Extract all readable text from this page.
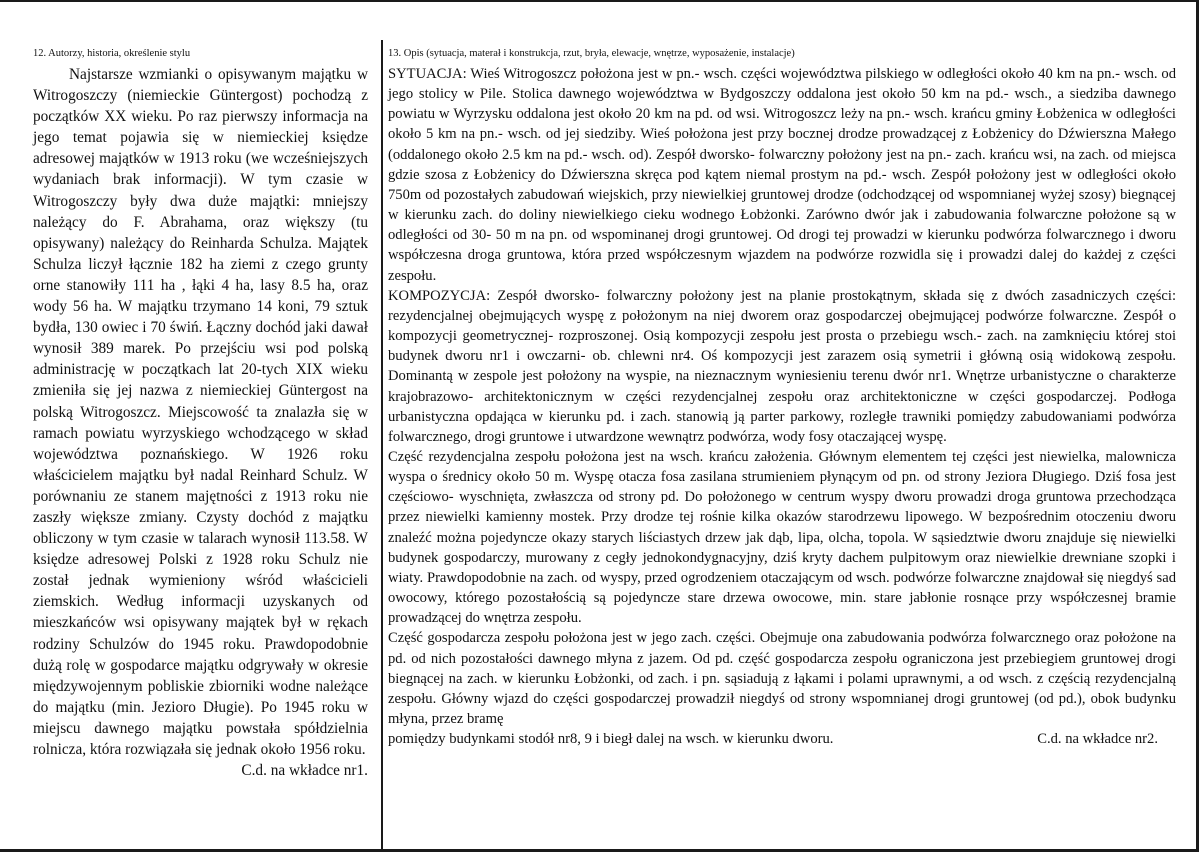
12. Autorzy, historia, określenie stylu

Najstarsze wzmianki o opisywanym majątku w Witrogoszczy (niemieckie Güntergost) pochodzą z początków XX wieku. Po raz pierwszy informacja na jego temat pojawia się w niemieckiej księdze adresowej majątków w 1913 roku (we wcześniejszych wydaniach brak informacji). W tym czasie w Witrogoszczy były dwa duże majątki: mniejszy należący do F. Abrahama, oraz większy (tu opisywany) należący do Reinharda Schulza. Majątek Schulza liczył łącznie 182 ha ziemi z czego grunty orne stanowiły 111 ha , łąki 4 ha, lasy 8.5 ha, oraz wody 56 ha. W majątku trzymano 14 koni, 79 sztuk bydła, 130 owiec i 70 świń. Łączny dochód jaki dawał wynosił 389 marek. Po przejściu wsi pod polską administrację w początkach lat 20-tych XIX wieku zmieniła się jej nazwa z niemieckiej Güntergost na polską Witrogoszcz. Miejscowość ta znalazła się w ramach powiatu wyrzyskiego wchodzącego w skład województwa poznańskiego. W 1926 roku właścicielem majątku był nadal Reinhard Schulz. W porównaniu ze stanem majętności z 1913 roku nie zaszły większe zmiany. Czysty dochód z majątku obliczony w tym czasie w talarach wynosił 113.58. W księdze adresowej Polski z 1928 roku Schulz nie został jednak wymieniony wśród właścicieli ziemskich. Według informacji uzyskanych od mieszkańców wsi opisywany majątek był w rękach rodziny Schulzów do 1945 roku. Prawdopodobnie dużą rolę w gospodarce majątku odgrywały w okresie międzywojennym pobliskie zbiorniki wodne należące do majątku (min. Jezioro Długie). Po 1945 roku w miejscu dawnego majątku powstała spółdzielnia rolnicza, która rozwiązała się jednak około 1956 roku.

C.d. na wkładce nr1.
13. Opis (sytuacja, materał i konstrukcja, rzut, bryła, elewacje, wnętrze, wyposażenie, instalacje)

SYTUACJA: Wieś Witrogoszcz położona jest w pn.- wsch. części województwa pilskiego w odległości około 40 km na pn.- wsch. od jego stolicy w Pile. Stolica dawnego województwa w Bydgoszczy oddalona jest około 50 km na pd.- wsch., a siedziba dawnego powiatu w Wyrzysku oddalona jest około 20 km na pd. od wsi. Witrogoszcz leży na pn.- wsch. krańcu gminy Łobżenica w odległości około 5 km na pn.- wsch. od jej siedziby. Wieś położona jest przy bocznej drodze prowadzącej z Łobżenicy do Dźwiersznа Małego (oddalonego około 2.5 km na pd.- wsch. od). Zespół dworsko- folwarczny położony jest na pn.- zach. krańcu wsi, na zach. od miejsca gdzie szosa z Łobżenicy do Dźwiersznа skręca pod kątem niemal prostym na pd.- wsch. Zespół położony jest w odległości około 750m od pozostałych zabudowań wiejskich, przy niewielkiej gruntowej drodze (odchodzącej od wspomnianej wyżej szosy) biegnącej w kierunku zach. do doliny niewielkiego cieku wodnego Łobżonki. Zarówno dwór jak i zabudowania folwarczne położone są w odległości od 30- 50 m na pn. od wspominanej drogi gruntowej. Od drogi tej prowadzi w kierunku podwórza folwarcznego i dworu współczesna droga gruntowa, która przed współczesnym wjazdem na podwórze rozwidla się i prowadzi dalej do każdej z części zespołu.

KOMPOZYCJA: Zespół dworsko- folwarczny położony jest na planie prostokątnym, składa się z dwóch zasadniczych części: rezydencjalnej obejmujących wyspę z położonym na niej dworem oraz gospodarczej obejmującej podwórze folwarczne. Zespół o kompozycji geometrycznej- rozproszonej. Osią kompozycji zespołu jest prosta o przebiegu wsch.- zach. na zamknięciu której stoi budynek dworu nr1 i owczarni- ob. chlewni nr4. Oś kompozycji jest zarazem osią symetrii i główną osią widokową zespołu. Dominantą w zespole jest położony na wyspie, na nieznacznym wyniesieniu terenu dwór nr1. Wnętrze urbanistyczne o charakterze krajobrazowo- architektonicznym w części rezydencjalnej zespołu oraz architektoniczne w części gospodarczej. Podłoga urbanistyczna opdająca w kierunku pd. i zach. stanowią ją parter parkowy, rozległe trawniki pomiędzy zabudowaniami podwórza folwarcznego, drogi gruntowe i utwardzone wewnątrz podwórza, wody fosy otaczającej wyspę.

Część rezydencjalna zespołu położona jest na wsch. krańcu założenia. Głównym elementem tej części jest niewielka, malownicza wyspa o średnicy około 50 m. Wyspę otacza fosa zasilana strumieniem płynącym od pn. od strony Jeziora Długiego. Dziś fosa jest częściowo- wyschnięta, zwłaszcza od strony pd. Do położonego w centrum wyspy dworu prowadzi droga gruntowa przechodząca przez niewielki kamienny mostek. Przy drodze tej rośnie kilka okazów starodrzewu lipowego. W bezpośrednim otoczeniu dworu znaleźć można pojedyncze okazy starych liściastych drzew jak dąb, lipa, olcha, topola. W sąsiedztwie dworu znajduje się niewielki budynek gospodarczy, murowany z cegły jednokondygnacyjny, dziś kryty dachem pulpitowym oraz niewielkie drewniane szopki i wiaty. Prawdopodobnie na zach. od wyspy, przed ogrodzeniem otaczającym od wsch. podwórze folwarczne znajdował się niegdyś sad owocowy, którego pozostałością są pojedyncze stare drzewa owocowe, min. stare jabłonie rosnące przy współczesnej bramie prowadzącej do wnętrza zespołu.

Część gospodarcza zespołu położona jest w jego zach. części. Obejmuje ona zabudowania podwórza folwarcznego oraz położone na pd. od nich pozostałości dawnego młyna z jazem. Od pd. część gospodarcza zespołu ograniczona jest przebiegiem gruntowej drogi biegnącej na zach. w kierunku Łobżonki, od zach. i pn. sąsiadują z łąkami i polami uprawnymi, a od wsch. z częścią rezydencjalną zespołu. Główny wjazd do części gospodarczej prowadził niegdyś od strony wspomnianej drogi gruntowej (od pd.), obok budynku młyna, przez bramę

pomiędzy budynkami stodół nr8, 9 i biegł dalej na wsch. w kierunku dworu.	C.d. na wkładce nr2.
